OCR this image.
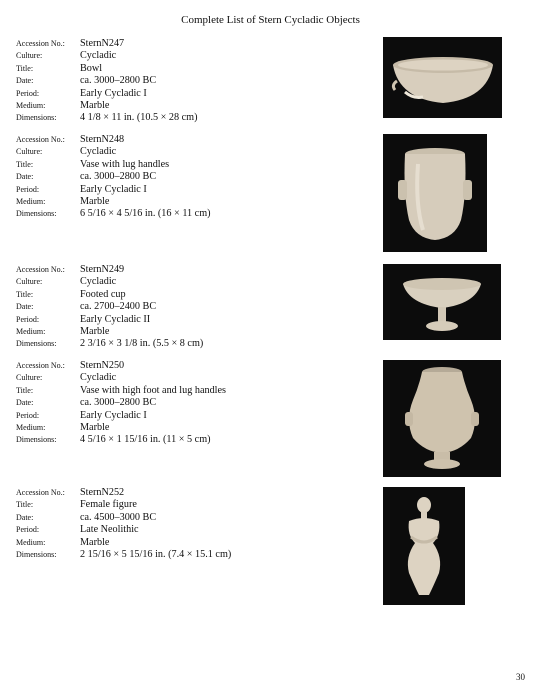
Complete List of Stern Cycladic Objects
Accession No.:	SternN247
Culture:	Cycladic
Title:	Bowl
Date:	ca. 3000–2800 BC
Period:	Early Cycladic I
Medium:	Marble
Dimensions:	4 1/8 × 11 in. (10.5 × 28 cm)
Accession No.:	SternN248
Culture:	Cycladic
Title:	Vase with lug handles
Date:	ca. 3000–2800 BC
Period:	Early Cycladic I
Medium:	Marble
Dimensions:	6 5/16 × 4 5/16 in. (16 × 11 cm)
Accession No.:	SternN249
Culture:	Cycladic
Title:	Footed cup
Date:	ca. 2700–2400 BC
Period:	Early Cycladic II
Medium:	Marble
Dimensions:	2 3/16 × 3 1/8 in. (5.5 × 8 cm)
Accession No.:	SternN250
Culture:	Cycladic
Title:	Vase with high foot and lug handles
Date:	ca. 3000–2800 BC
Period:	Early Cycladic I
Medium:	Marble
Dimensions:	4 5/16 × 1 15/16 in. (11 × 5 cm)
Accession No.:	SternN252
Title:	Female figure
Date:	ca. 4500–3000 BC
Period:	Late Neolithic
Medium:	Marble
Dimensions:	2 15/16 × 5 15/16 in. (7.4 × 15.1 cm)
30
